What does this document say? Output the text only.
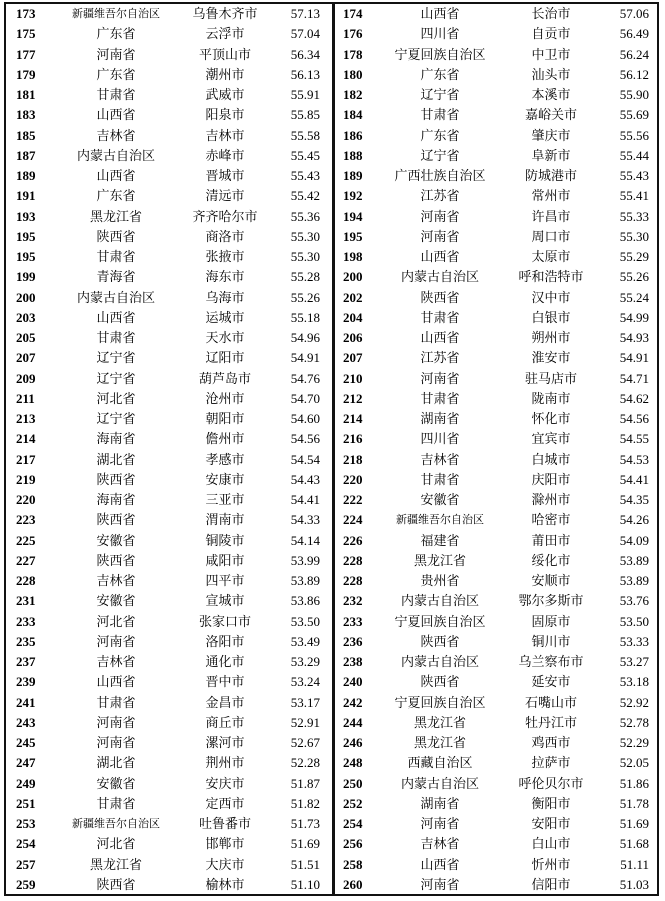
173	新疆维吾尔自治区	乌鲁木齐市	57.13
175	广东省	云浮市	57.04
177	河南省	平顶山市	56.34
179	广东省	潮州市	56.13
181	甘肃省	武威市	55.91
183	山西省	阳泉市	55.85
185	吉林省	吉林市	55.58
187	内蒙古自治区	赤峰市	55.45
189	山西省	晋城市	55.43
191	广东省	清远市	55.42
193	黑龙江省	齐齐哈尔市	55.36
195	陕西省	商洛市	55.30
195	甘肃省	张掖市	55.30
199	青海省	海东市	55.28
200	内蒙古自治区	乌海市	55.26
203	山西省	运城市	55.18
205	甘肃省	天水市	54.96
207	辽宁省	辽阳市	54.91
209	辽宁省	葫芦岛市	54.76
211	河北省	沧州市	54.70
213	辽宁省	朝阳市	54.60
214	海南省	儋州市	54.56
217	湖北省	孝感市	54.54
219	陕西省	安康市	54.43
220	海南省	三亚市	54.41
223	陕西省	渭南市	54.33
225	安徽省	铜陵市	54.14
227	陕西省	咸阳市	53.99
228	吉林省	四平市	53.89
231	安徽省	宣城市	53.86
233	河北省	张家口市	53.50
235	河南省	洛阳市	53.49
237	吉林省	通化市	53.29
239	山西省	晋中市	53.24
241	甘肃省	金昌市	53.17
243	河南省	商丘市	52.91
245	河南省	漯河市	52.67
247	湖北省	荆州市	52.28
249	安徽省	安庆市	51.87
251	甘肃省	定西市	51.82
253	新疆维吾尔自治区	吐鲁番市	51.73
254	河北省	邯郸市	51.69
257	黑龙江省	大庆市	51.51
259	陕西省	榆林市	51.10
174	山西省	长治市	57.06
176	四川省	自贡市	56.49
178	宁夏回族自治区	中卫市	56.24
180	广东省	汕头市	56.12
182	辽宁省	本溪市	55.90
184	甘肃省	嘉峪关市	55.69
186	广东省	肇庆市	55.56
188	辽宁省	阜新市	55.44
189	广西壮族自治区	防城港市	55.43
192	江苏省	常州市	55.41
194	河南省	许昌市	55.33
195	河南省	周口市	55.30
198	山西省	太原市	55.29
200	内蒙古自治区	呼和浩特市	55.26
202	陕西省	汉中市	55.24
204	甘肃省	白银市	54.99
206	山西省	朔州市	54.93
207	江苏省	淮安市	54.91
210	河南省	驻马店市	54.71
212	甘肃省	陇南市	54.62
214	湖南省	怀化市	54.56
216	四川省	宜宾市	54.55
218	吉林省	白城市	54.53
220	甘肃省	庆阳市	54.41
222	安徽省	滁州市	54.35
224	新疆维吾尔自治区	哈密市	54.26
226	福建省	莆田市	54.09
228	黑龙江省	绥化市	53.89
228	贵州省	安顺市	53.89
232	内蒙古自治区	鄂尔多斯市	53.76
233	宁夏回族自治区	固原市	53.50
236	陕西省	铜川市	53.33
238	内蒙古自治区	乌兰察布市	53.27
240	陕西省	延安市	53.18
242	宁夏回族自治区	石嘴山市	52.92
244	黑龙江省	牡丹江市	52.78
246	黑龙江省	鸡西市	52.29
248	西藏自治区	拉萨市	52.05
250	内蒙古自治区	呼伦贝尔市	51.86
252	湖南省	衡阳市	51.78
254	河南省	安阳市	51.69
256	吉林省	白山市	51.68
258	山西省	忻州市	51.11
260	河南省	信阳市	51.03
